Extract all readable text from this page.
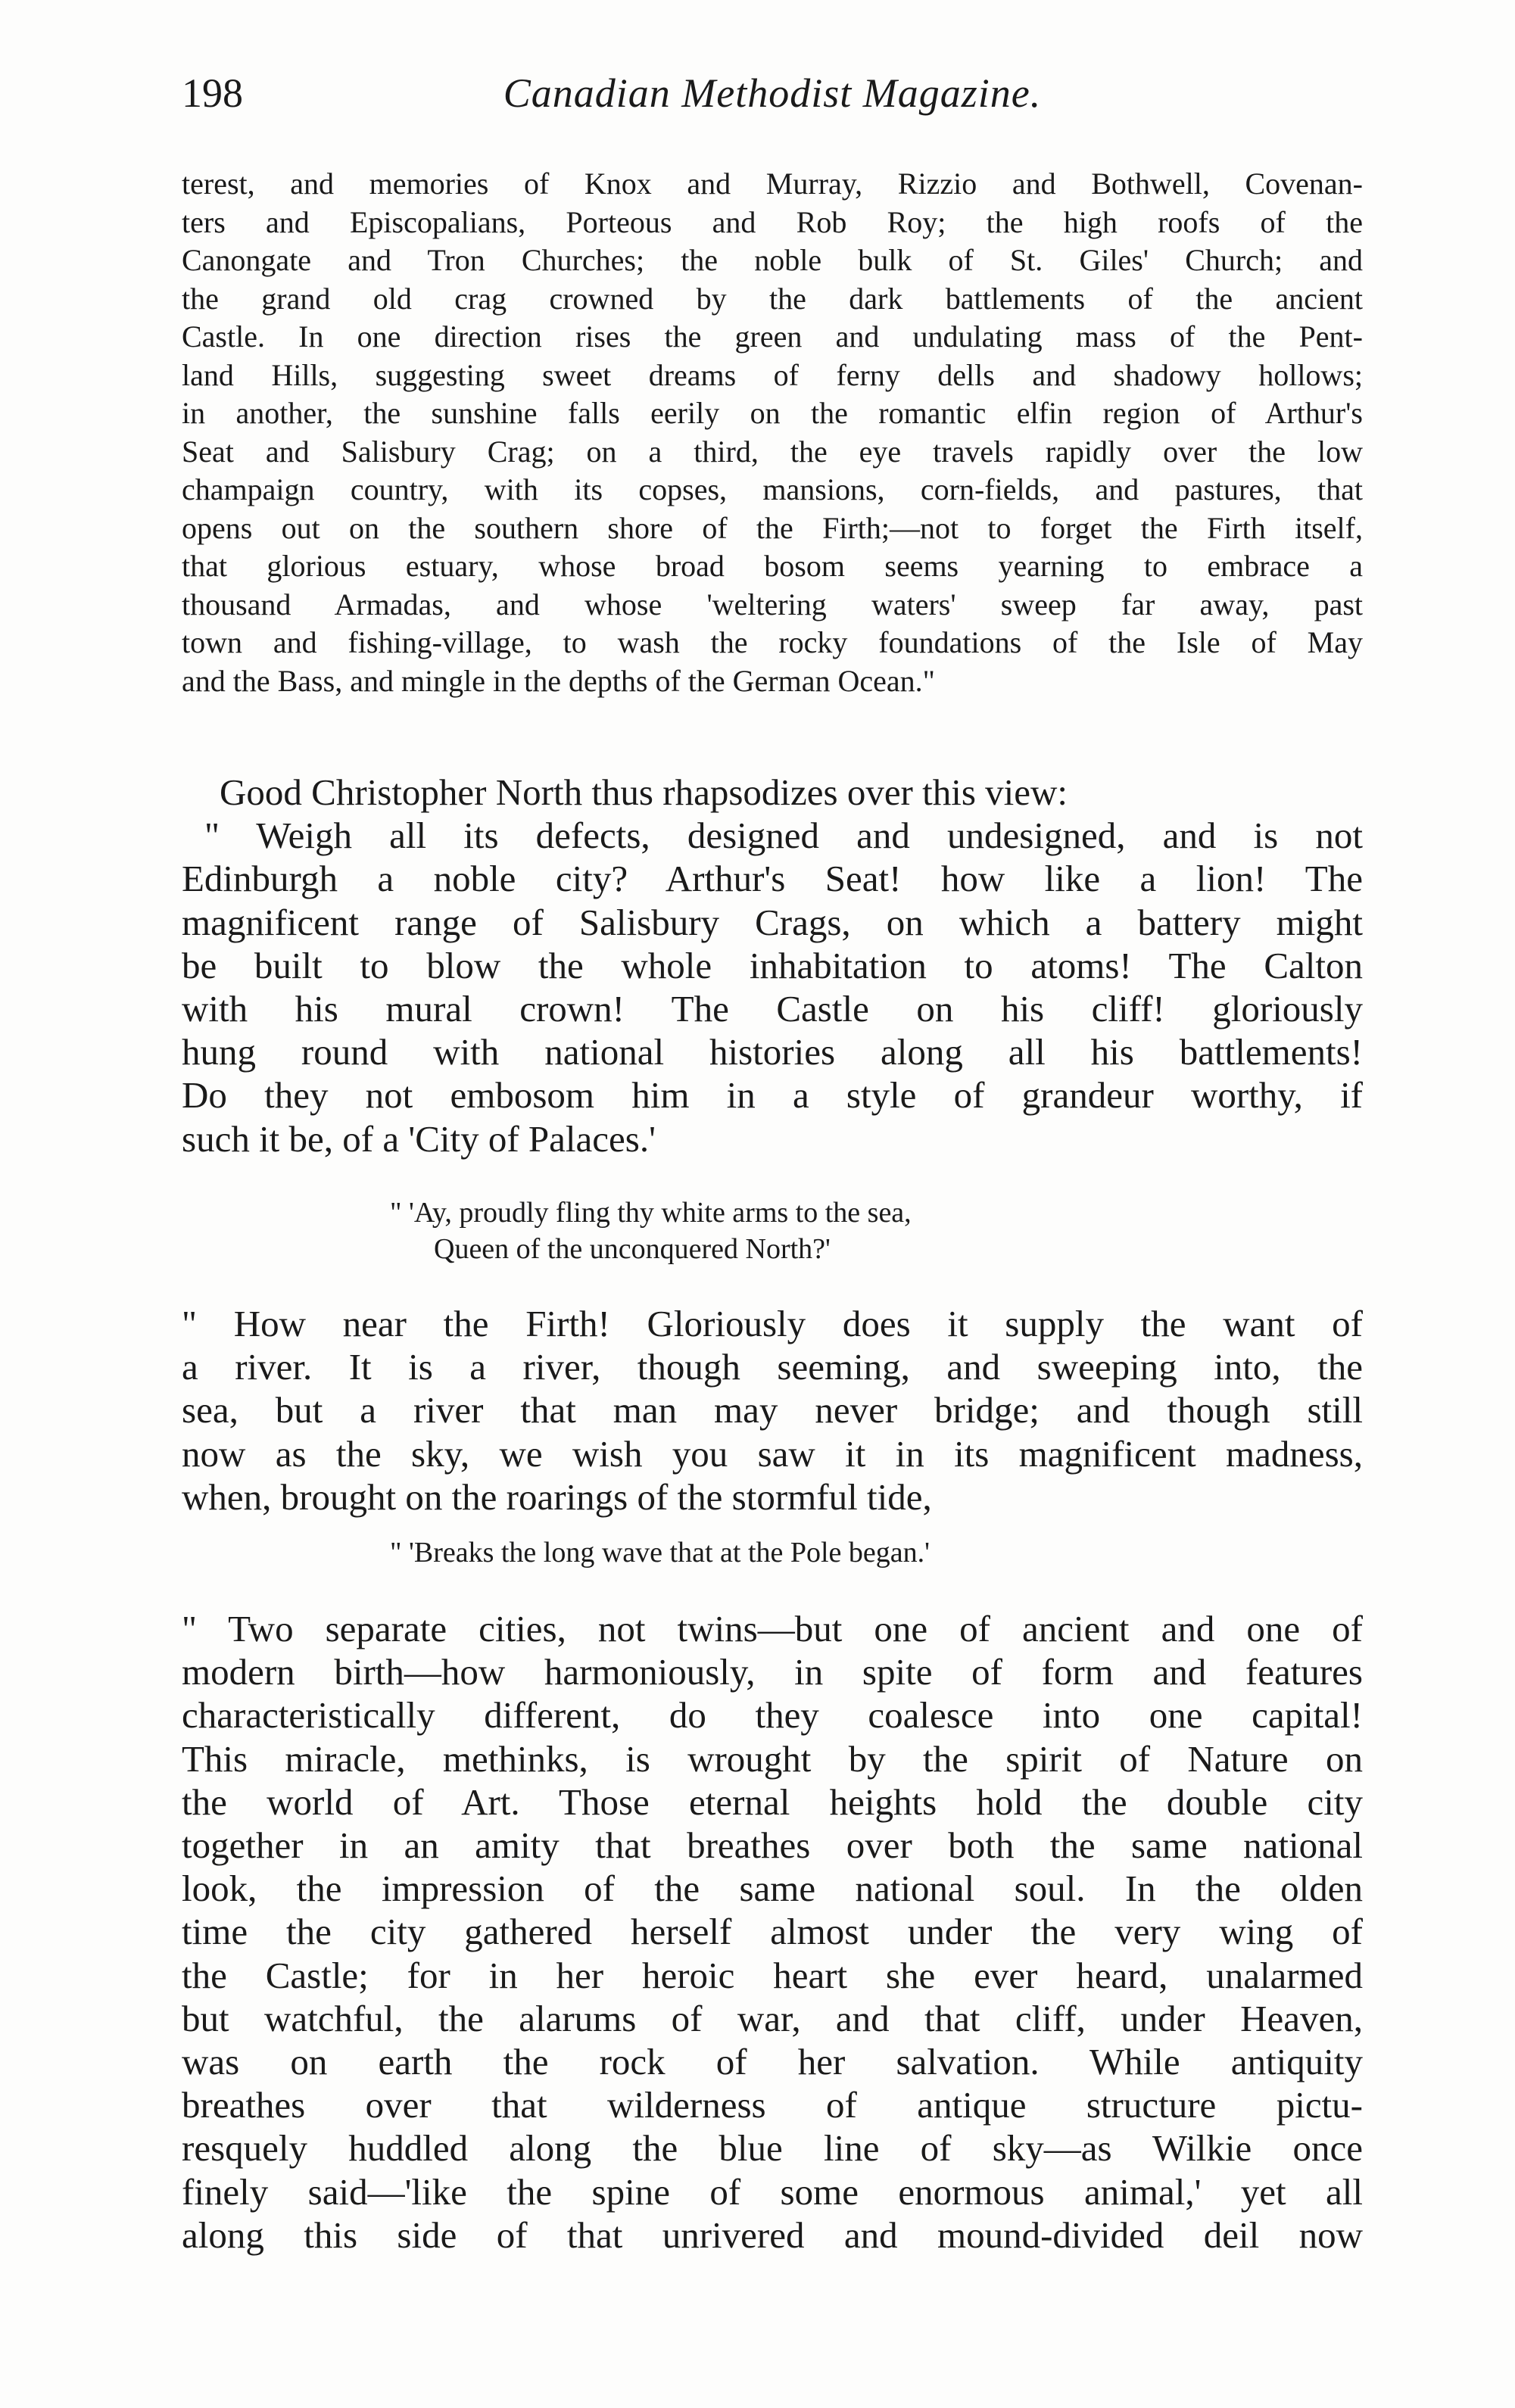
198	Canadian Methodist Magazine.
terest, and memories of Knox and Murray, Rizzio and Bothwell, Covenan-
ters and Episcopalians, Porteous and Rob Roy; the high roofs of the
Canongate and Tron Churches; the noble bulk of St. Giles' Church; and
the grand old crag crowned by the dark battlements of the ancient
Castle. In one direction rises the green and undulating mass of the Pent-
land Hills, suggesting sweet dreams of ferny dells and shadowy hollows;
in another, the sunshine falls eerily on the romantic elfin region of Arthur's
Seat and Salisbury Crag; on a third, the eye travels rapidly over the low
champaign country, with its copses, mansions, corn-fields, and pastures, that
opens out on the southern shore of the Firth;—not to forget the Firth itself,
that glorious estuary, whose broad bosom seems yearning to embrace a
thousand Armadas, and whose 'weltering waters' sweep far away, past
town and fishing-village, to wash the rocky foundations of the Isle of May
and the Bass, and mingle in the depths of the German Ocean."
Good Christopher North thus rhapsodizes over this view:
" Weigh all its defects, designed and undesigned, and is not
Edinburgh a noble city? Arthur's Seat! how like a lion! The
magnificent range of Salisbury Crags, on which a battery might
be built to blow the whole inhabitation to atoms! The Calton
with his mural crown! The Castle on his cliff! gloriously
hung round with national histories along all his battlements!
Do they not embosom him in a style of grandeur worthy, if
such it be, of a 'City of Palaces.'
" 'Ay, proudly fling thy white arms to the sea,
Queen of the unconquered North?'
" How near the Firth! Gloriously does it supply the want of
a river. It is a river, though seeming, and sweeping into, the
sea, but a river that man may never bridge; and though still
now as the sky, we wish you saw it in its magnificent madness,
when, brought on the roarings of the stormful tide,
" 'Breaks the long wave that at the Pole began.'
" Two separate cities, not twins—but one of ancient and one of
modern birth—how harmoniously, in spite of form and features
characteristically different, do they coalesce into one capital!
This miracle, methinks, is wrought by the spirit of Nature on
the world of Art. Those eternal heights hold the double city
together in an amity that breathes over both the same national
look, the impression of the same national soul. In the olden
time the city gathered herself almost under the very wing of
the Castle; for in her heroic heart she ever heard, unalarmed
but watchful, the alarums of war, and that cliff, under Heaven,
was on earth the rock of her salvation. While antiquity
breathes over that wilderness of antique structure pictu-
resquely huddled along the blue line of sky—as Wilkie once
finely said—'like the spine of some enormous animal,' yet all
along this side of that unrivered and mound-divided deil now
